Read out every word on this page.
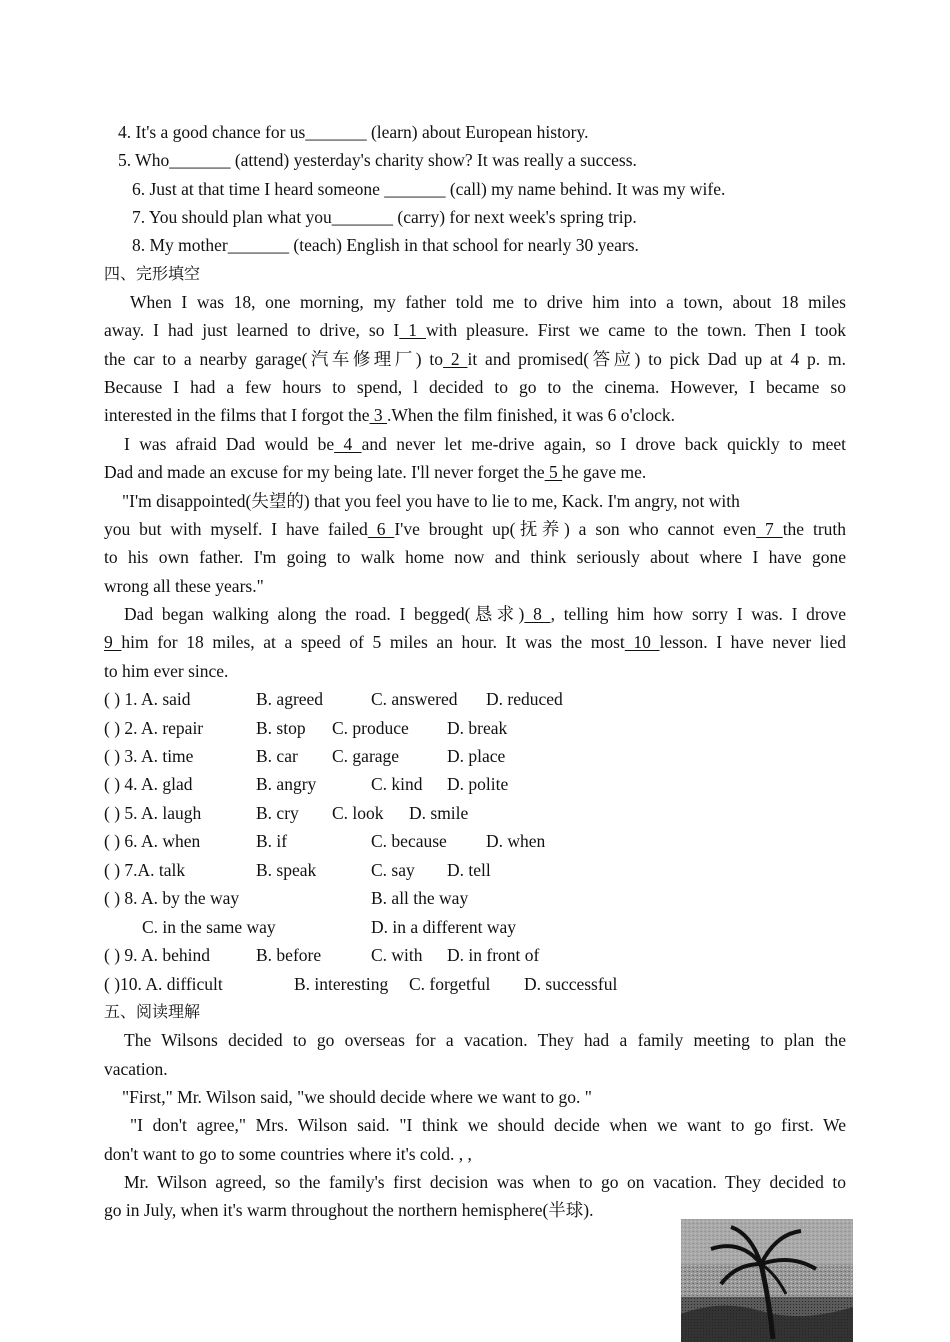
4. It's a good chance for us_______ (learn) about European history.
5. Who_______ (attend) yesterday's charity show? It was really a success.
6. Just at that time I heard someone _______ (call) my name behind. It was my wife.
7. You should plan what you_______ (carry) for next week's spring trip.
8. My mother_______ (teach) English in that school for nearly 30 years.
四、完形填空
When I was 18, one morning, my father told me to drive him into a town, about 18 miles
away. I had just learned to drive, so I 1 with pleasure. First we came to the town. Then I took
the car to a nearby garage(汽车修理厂) to 2 it and promised(答应) to pick Dad up at 4 p. m.
Because I had a few hours to spend, l decided to go to the cinema. However, I became so
interested in the films that I forgot the 3 .When the film finished, it was 6 o'clock.
I was afraid Dad would be 4 and never let me-drive again, so I drove back quickly to meet
Dad and made an excuse for my being late. I'll never forget the 5 he gave me.
"I'm disappointed(失望的) that you feel you have to lie to me, Kack. I'm angry, not with
you but with myself. I have failed 6 I've brought up(抚养) a son who cannot even 7 the truth
to his own father. I'm going to walk home now and think seriously about where I have gone
wrong all these years."
Dad began walking along the road. I begged(恳求) 8 , telling him how sorry I was. I drove
9 him for 18 miles, at a speed of 5 miles an hour. It was the most 10 lesson. I have never lied
to him ever since.
( ) 1. A. said	B. agreed	C. answered D. reduced
( ) 2. A. repair	B. stop C. produce D. break
( ) 3. A. time	B. car C. garage	D. place
( ) 4. A. glad	B. angry	C. kind D. polite
( ) 5. A. laugh	B. cry C. look D. smile
( ) 6. A. when	B. if	C. because D. when
( ) 7.A. talk	B. speak	C. say D. tell
( ) 8. A. by the way	B. all the way
C. in the same way	D. in a different way
( ) 9. A. behind	B. before	C. with D. in front of
( )10. A. difficult	B. interesting C. forgetful D. successful
五、阅读理解
The Wilsons decided to go overseas for a vacation. They had a family meeting to plan the
vacation.
"First," Mr. Wilson said, "we should decide where we want to go. "
"I don't agree," Mrs. Wilson said. "I think we should decide when we want to go first. We
don't want to go to some countries where it's cold. , ,
Mr. Wilson agreed, so the family's first decision was when to go on vacation. They decided to
go in July, when it's warm throughout the northern hemisphere(半球).
